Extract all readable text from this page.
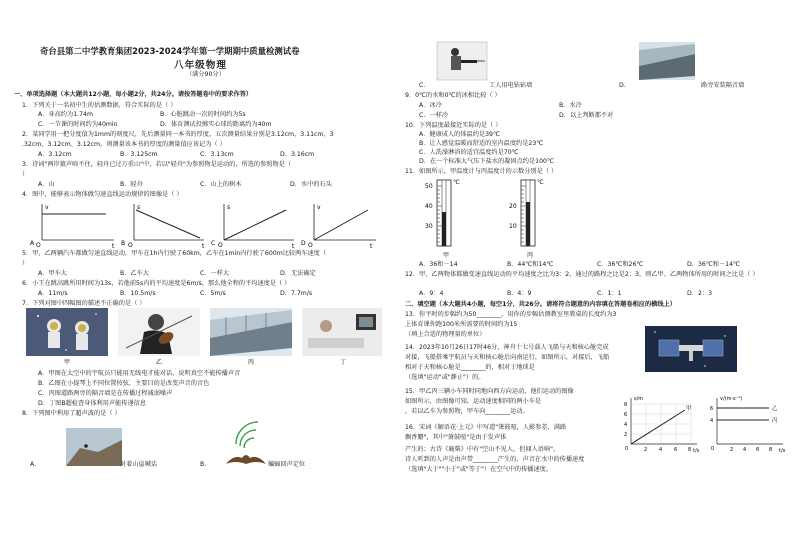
奇台县第二中学教育集团2023-2024学年第一学期期中质量检测试卷
八年级物理
（满分90分）
一、单项选择题（本大题共12小题，每小题2分，共24分。请按答题卷中的要求作答）
1．下列关于一名初中生的估测数据，符合实际的是（ ）
A．身高约为1.74m	B．心脏跳动一次的时间约为5s
C．一节课的时间约为40min	D．体育测试投掷实心球的距离约为40m
2．某同学用一把分度值为1mm的刻度尺，先后测量同一本书的厚度，五次测量结果分别是3.12cm、3.11cm、3
.32cm、3.12cm、3.12cm，则测量该本书的厚度的测量值应该记为（ ）
A．3.12cm	B．3.125cm	C．3.13cm	D．3.16cm
3．诗词"两岸猿声啼不住，轻舟已过万重山"中，若以"轻舟"为参照物是运动的，所选的参照物是（
）
A．山	B．轻舟	C．山上的树木	D．水中的石头
4．图中，能够表示物体做匀速直线运动规律的图像是（ ）
v
t
O
A
s
t
O
B
s
t
O
C
v
t
O
D
5．甲、乙两辆汽车都做匀速直线运动，甲车在1h内行驶了60km，乙车在1min内行驶了600m比较两车速度（
）
A．甲车大	B．乙车大	C．一样大	D．无法确定
6．小王在跳高跳所用时间为13s，若他前5s内的平均速度是6m/s，那么他全程的平均速度是（ ）
A．11m/s	B．10.5m/s	C．5m/s	D．7.7m/s
7．下列对图中四幅图的描述不正确的是（ ）
甲	乙	丙	丁
A．甲图在太空中的宇航员只能用无线电才能对话，说明真空不能传播声音
B．乙图在小提琴上不同位置按弦，主要目的是改变声音的音色
C．丙图道路两旁的隔音墙是在传播过程减弱噪声
D．丁图B超检查身体利用声能传递信息
8．下列图中利用了超声波的是（ ）
A．	对着山崖喊话	B．	蝙蝠回声定位
C．	工人用电钻钻墙	D．	路旁安装隔音墙
9．0℃的水和0℃的冰相比较（ ）
A．冰冷	B．水冷
C．一样冷	D．以上判断都不对
10．下列温度最接近实际的是（ ）
A．健康成人的体温约是39℃
B．让人感觉温暖而舒适的室内温度约是23℃
C．人洗澡淋浴的适宜温度约是70℃
D．在一个标准大气压下盐水的凝固点约是100℃
11．如图所示，甲温度计与丙温度计的示数分别是（ ）
℃
50
40
30
甲
℃
20
10
丙
A．36和－14	B．44℃和14℃	C．36℃和26℃	D．36℃和－14℃
12．甲、乙两物体都做变速直线运动的平均速度之比为3：2，通过的路程之比是2：3，则乙甲、乙两物体所用的时间之比是（ ）
A．9：4	B．4：9	C．1：1	D．2：3
二、填空题（本大题共4小题，每空1分，共26分。请将符合题意的内容填在答题卷相应的横线上）
13．你平时的步幅约为50________，用你的步幅估测教室里教桌的长度约为3
上体育课你跑100米所需要的时间约为15
（填上合适的物理量的单位）
14．2023年10月26日17时46分，神舟十七号载人飞船与天和核心舱完成
对接，飞船搭乘宇航员与天和核心舱后向南运行，如图所示，对接后，飞船
相对于天和核心舱是________的，相对于地球是
（选填"运动"或"静止"）的。
15．甲乙丙三辆小车同时同地向西方向运动，他们运动的图像
如图所示，由图像可知，运动速度相同的两小车是
，若以乙车为参照物，甲车向________运动。
s/m
t/s
甲
0
8
6
4
2
2 4 6 8
v/(m·s⁻¹)
t/s
乙
丙
0
6
4
2 4 6 8
16．宋词《解语花·上元》中写道"箫鼓喧，人影参差，满路
飘香麝"，其中"箫鼓喧"是由于发声体
产生的；古诗《鹿柴》中有"空山不见人，但闻人语响"，
诗人听到的人声是由声带________产生的，声音在水中的传播速度
（选填"大于""小于"或"等于"）在空气中的传播速度。
